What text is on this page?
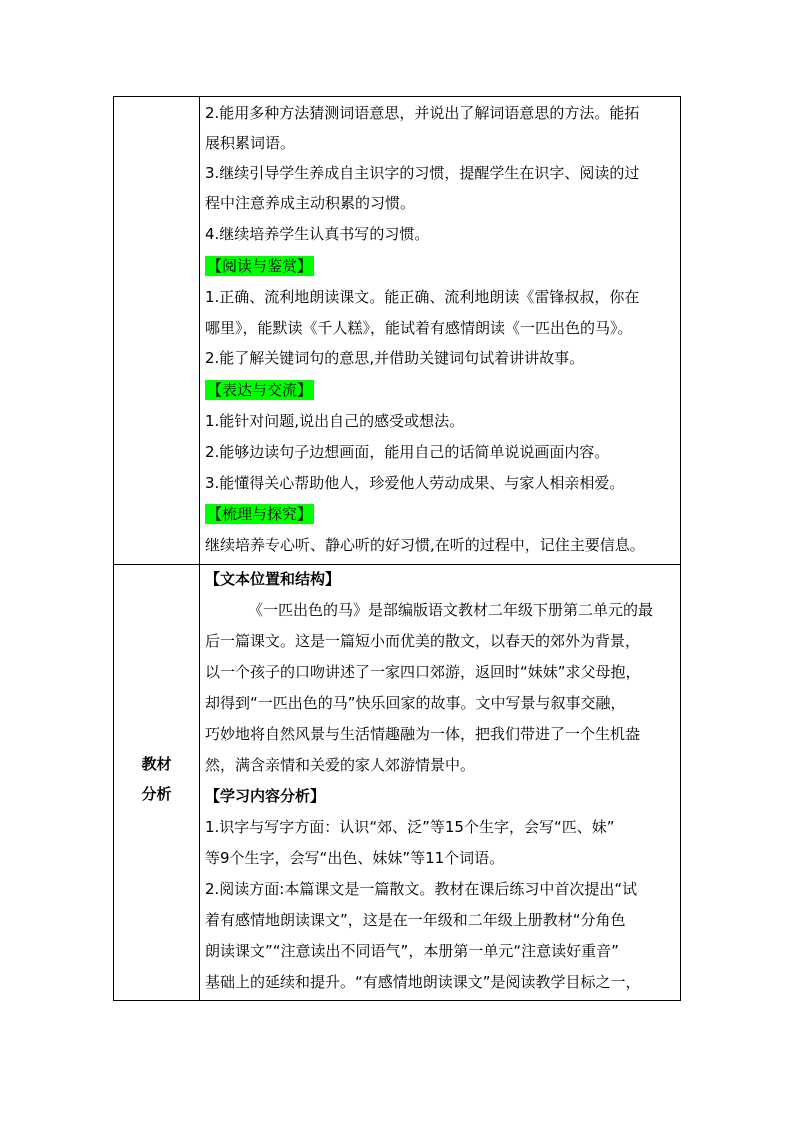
2.能用多种方法猜测词语意思，并说出了解词语意思的方法。能拓
展积累词语。
3.继续引导学生养成自主识字的习惯，提醒学生在识字、阅读的过
程中注意养成主动积累的习惯。
4.继续培养学生认真书写的习惯。
【阅读与鉴赏】
1.正确、流利地朗读课文。能正确、流利地朗读《雷锋叔叔，你在
哪里》，能默读《千人糕》，能试着有感情朗读《一匹出色的马》。
2.能了解关键词句的意思,并借助关键词句试着讲讲故事。
【表达与交流】
1.能针对问题,说出自己的感受或想法。
2.能够边读句子边想画面，能用自己的话简单说说画面内容。
3.能懂得关心帮助他人，珍爱他人劳动成果、与家人相亲相爱。
【梳理与探究】
继续培养专心听、静心听的好习惯,在听的过程中，记住主要信息。
教材
分析
【文本位置和结构】
《一匹出色的马》是部编版语文教材二年级下册第二单元的最
后一篇课文。这是一篇短小而优美的散文，以春天的郊外为背景，
以一个孩子的口吻讲述了一家四口郊游，返回时“妹妹”求父母抱，
却得到“一匹出色的马”快乐回家的故事。文中写景与叙事交融，
巧妙地将自然风景与生活情趣融为一体，把我们带进了一个生机盎
然，满含亲情和关爱的家人郊游情景中。
【学习内容分析】
1.识字与写字方面：认识“郊、泛”等15个生字，会写“匹、妹”
等9个生字，会写“出色、妹妹”等11个词语。
2.阅读方面:本篇课文是一篇散文。教材在课后练习中首次提出“试
着有感情地朗读课文”，这是在一年级和二年级上册教材“分角色
朗读课文”“注意读出不同语气”，本册第一单元“注意读好重音”
基础上的延续和提升。“有感情地朗读课文”是阅读教学目标之一，
